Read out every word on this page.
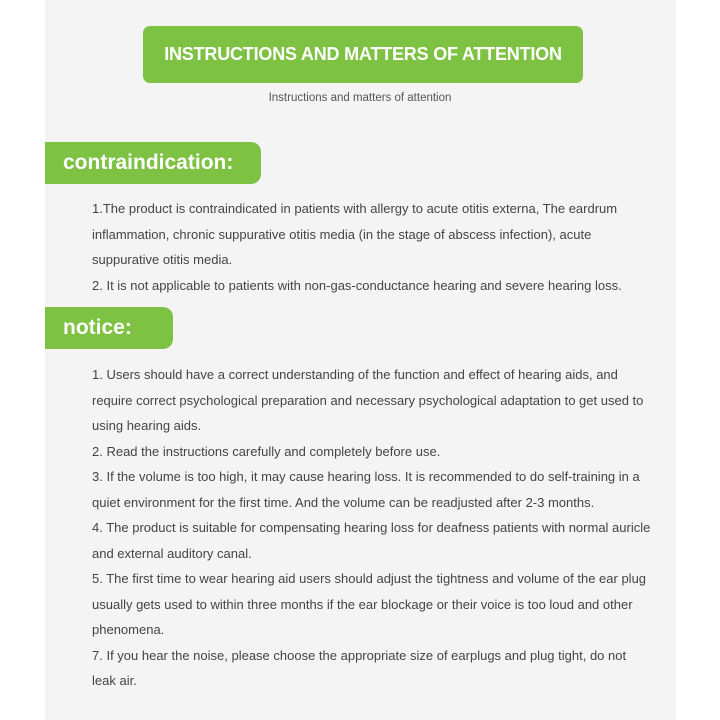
INSTRUCTIONS AND MATTERS OF ATTENTION
Instructions and matters of attention
contraindication:

1.The product is contraindicated in patients with allergy to acute otitis externa, The eardrum inflammation, chronic suppurative otitis media (in the stage of abscess infection), acute suppurative otitis media.

2. It is not applicable to patients with non-gas-conductance hearing and severe hearing loss.

notice:

1. Users should have a correct understanding of the function and effect of hearing aids, and require correct psychological preparation and necessary psychological adaptation to get used to using hearing aids.

2. Read the instructions carefully and completely before use.

3. If the volume is too high, it may cause hearing loss. It is recommended to do self-training in a quiet environment for the first time. And the volume can be readjusted after 2-3 months.

4. The product is suitable for compensating hearing loss for deafness patients with normal auricle and external auditory canal.

5. The first time to wear hearing aid users should adjust the tightness and volume of the ear plug usually gets used to within three months if the ear blockage or their voice is too loud and other phenomena.

7. If you hear the noise, please choose the appropriate size of earplugs and plug tight, do not leak air.
